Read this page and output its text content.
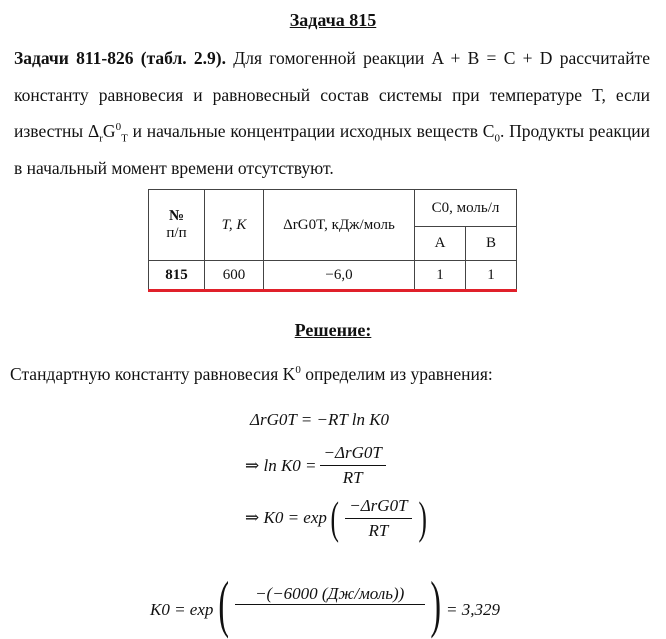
Задача 815
Задачи 811-826 (табл. 2.9). Для гомогенной реакции A + B = C + D рассчитайте константу равновесия и равновесный состав системы при температуре T, если известны $\Delta_rG^0_T$ и начальные концентрации исходных веществ $C_0$. Продукты реакции в начальный момент времени отсутствуют.
№
п/п	T, K	ΔrG0T, кДж/моль	C0, моль/л	
			A	B
815	600	−6,0	1	1
Решение:
Стандартную константу равновесия $K^0$ определим из уравнения:
ΔrG0T = −RT ln K0
⇒ $\ln K0 = \frac{\text{−ΔrG0T}}{RT}$
⇒ K0 = exp ( $\frac{\text{−ΔrG0T}}{RT}$ )
K0 = exp (	−(−6000 (Дж/моль)) ) = 3,329
